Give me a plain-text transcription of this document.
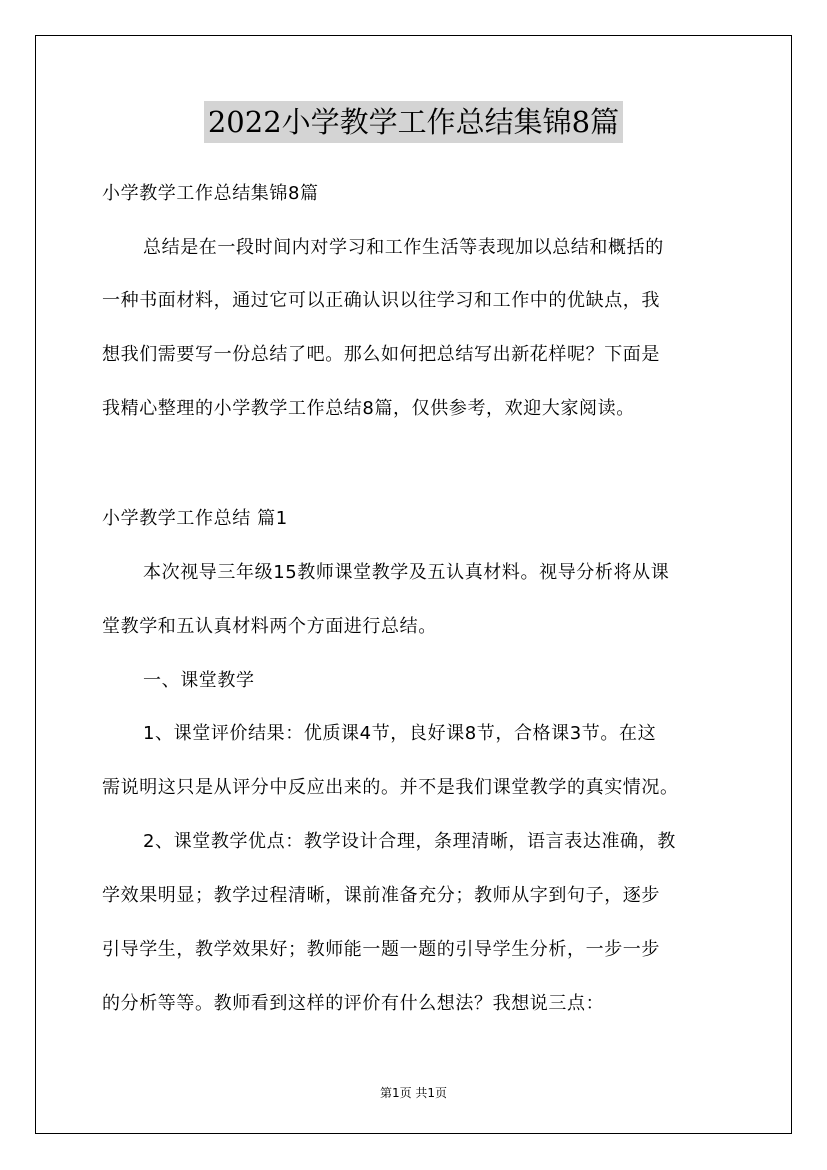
2022小学教学工作总结集锦8篇
小学教学工作总结集锦8篇
总结是在一段时间内对学习和工作生活等表现加以总结和概括的
一种书面材料，通过它可以正确认识以往学习和工作中的优缺点，我
想我们需要写一份总结了吧。那么如何把总结写出新花样呢？下面是
我精心整理的小学教学工作总结8篇，仅供参考，欢迎大家阅读。
小学教学工作总结 篇1
本次视导三年级15教师课堂教学及五认真材料。视导分析将从课
堂教学和五认真材料两个方面进行总结。
一、课堂教学
1、课堂评价结果：优质课4节，良好课8节，合格课3节。在这
需说明这只是从评分中反应出来的。并不是我们课堂教学的真实情况。
2、课堂教学优点：教学设计合理，条理清晰，语言表达准确，教
学效果明显；教学过程清晰，课前准备充分；教师从字到句子，逐步
引导学生，教学效果好；教师能一题一题的引导学生分析，一步一步
的分析等等。教师看到这样的评价有什么想法？我想说三点：
第1页 共1页
